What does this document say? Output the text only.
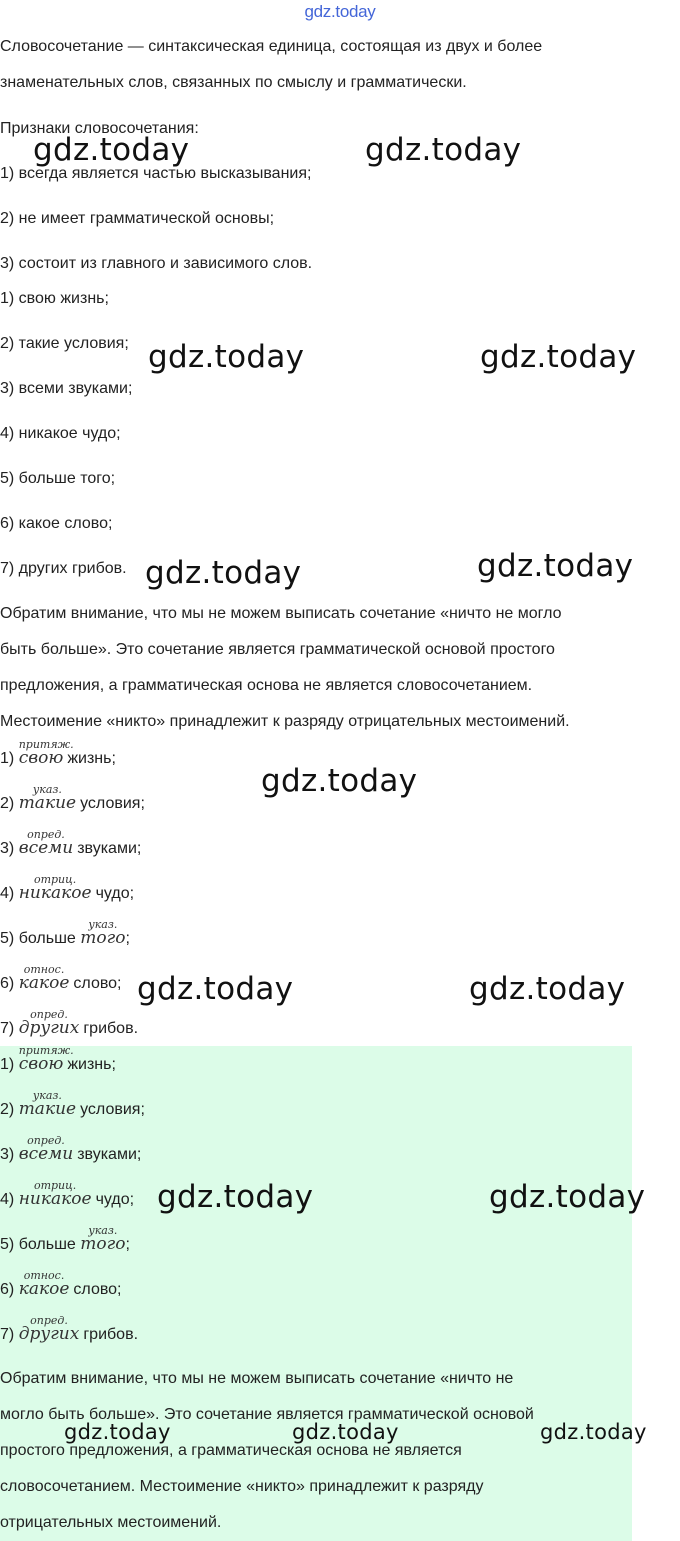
gdz.today
Словосочетание — синтаксическая единица, состоящая из двух и более
знаменательных слов, связанных по смыслу и грамматически.
Признаки словосочетания:
1) всегда является частью высказывания;
2) не имеет грамматической основы;
3) состоит из главного и зависимого слов.
1) свою жизнь;
2) такие условия;
3) всеми звуками;
4) никакое чудо;
5) больше того;
6) какое слово;
7) других грибов.
Обратим внимание, что мы не можем выписать сочетание «ничто не могло
быть больше». Это сочетание является грамматической основой простого
предложения, а грамматическая основа не является словосочетанием.
Местоимение «никто» принадлежит к разряду отрицательных местоимений.
1)
притяж.
свою жизнь;
2)
указ.
такие условия;
3)
опред.
всеми звуками;
4)
отриц.
никакое чудо;
5) больше
указ.
того;
6)
относ.
какое слово;
7)
опред.
других грибов.
1)
притяж.
свою жизнь;
2)
указ.
такие условия;
3)
опред.
всеми звуками;
4)
отриц.
никакое чудо;
5) больше
указ.
того;
6)
относ.
какое слово;
7)
опред.
других грибов.
Обратим внимание, что мы не можем выписать сочетание «ничто не
могло быть больше». Это сочетание является грамматической основой
простого предложения, а грамматическая основа не является
словосочетанием. Местоимение «никто» принадлежит к разряду
отрицательных местоимений.
gdz.today	gdz.today
gdz.today	gdz.today
gdz.today	gdz.today
gdz.today
gdz.today	gdz.today
gdz.today	gdz.today
gdz.today	gdz.today	gdz.today
